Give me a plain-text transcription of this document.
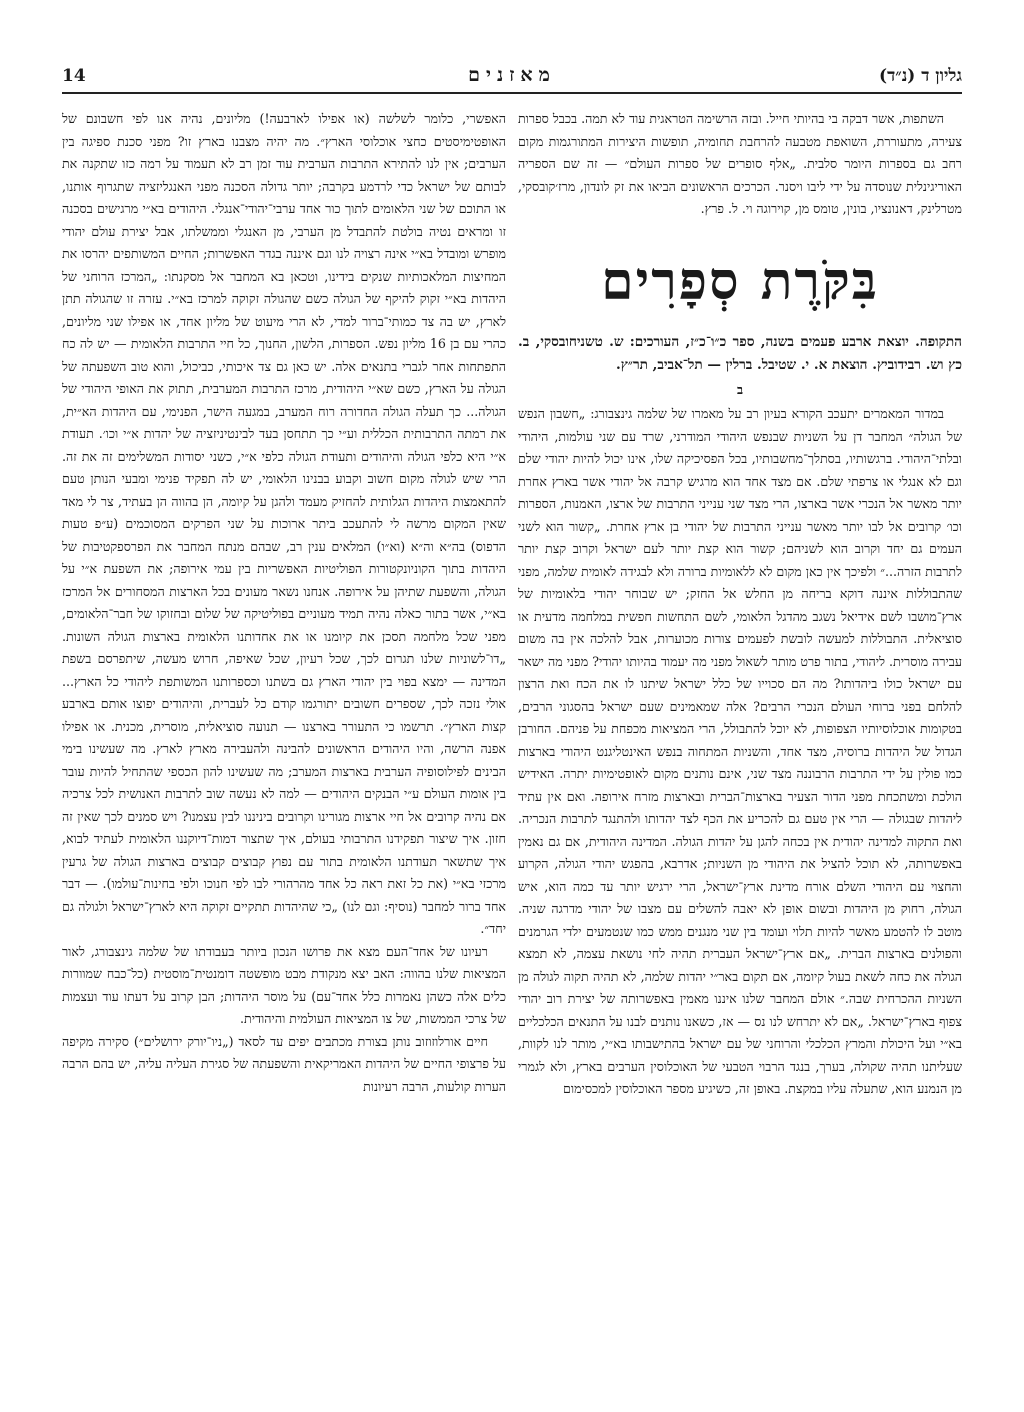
14	מאזנים	גליון ד (נ״ד)

השתפות, אשר דבקה בי בהיותי חייל. ובזה הרשימה הטראגית עוד לא תמה. בכבל ספרות צעירה, מתעוררת, השואפת מטבעה להרחבת תחומיה, תופשות היצירות המתורגמות מקום רחב גם בספרות היומר סלבית. „אלף סופרים של ספרות העולם״ — זה שם הספריה האוריגינלית שנוסדה על ידי ליבו ויסנר. הכרכים הראשונים הביאו את זק לונדון, מרז׳קובסקי, מטרלינק, דאנונציו, בונין, טומס מן, קוירוגה וי. ל. פרץ.

בִּקֹּרֶת סְפָרִים

התקופה. יוצאת ארבע פעמים בשנה, ספר כ״ו־כ״ז, העורכים: ש. טשניחובסקי, ב. כץ וש. רבידוביץ. הוצאת א. י. שטיבל. ברלין — תל־אביב, תר״ץ.

ב

במדור המאמרים יתעכב הקורא בעיון רב על מאמרו של שלמה גינצבורג: „חשבון הנפש של הגולה״ המחבר דן על השניות שבנפש היהודי המודרני, שרד עם שני עולמות, היהודי ובלתי־היהודי. ברגשותיו, בסתלך־מחשבותיו, בכל הפסיכיקה שלו, אינו יכול להיות יהודי שלם וגם לא אנגלי או צרפתי שלם. אם מצד אחד הוא מרגיש קרבה אל יהודי אשר בארץ אחרת יותר מאשר אל הנכרי אשר בארצו, הרי מצד שני ענייני התרבות של ארצו, האמנות, הספרות וכו׳ קרובים אל לבו יותר מאשר ענייני התרבות של יהודי בן ארץ אחרת. „קשור הוא לשני העמים גם יחד וקרוב הוא לשניהם; קשור הוא קצת יותר לעם ישראל וקרוב קצת יותר לתרבות הזרה...״ ולפיכך אין כאן מקום לא ללאומיות ברורה ולא לבגידה לאומית שלמה, מפני שהתבוללות איננה דוקא בריחה מן החלש אל החזק; יש שבוחר יהודי בלאומיות של ארץ־מושבו לשם אידיאל נשגב מהדגל הלאומי, לשם התחשות חפשית במלחמה מדעית או סוציאלית. התבוללות למעשה לובשת לפעמים צורות מכוערות, אבל להלכה אין בה משום עבירה מוסרית. ליהודי, בתור פרט מותר לשאול מפני מה יעמוד בהיותו יהודי? מפני מה ישאר עם ישראל כולו ביהדותו? מה הם סכוייו של כלל ישראל שיתנו לו את הכח ואת הרצון להלחם בפני ברוחי העולם הנכרי הרבים? אלה שמאמינים שעם ישראל בהסגוני הרבים, בטקומות אוכלוסיותיו הצפופות, לא יוכל להתבולל, הרי המציאות מכפחת על פניהם. החורבן הגדול של היהדות ברוסיה, מצד אחד, והשניות המתחוה בנפש האינטליגנט היהודי בארצות כמו פולין על ידי התרבות הרבוננה מצד שני, אינם נותנים מקום לאופטימיות יתרה. האידיש הולכת ומשתכחת מפני הדור הצעיר בארצות־הברית ובארצות מזרח אירופה. ואם אין עתיד ליהדות שבגולה — הרי אין טעם גם להכריע את הכף לצד יהדותו ולהתנגד לתרבות הנכריה. ואת התקוה למדינה יהודית אין בכחה להגן על יהדות הגולה. המדינה היהודית, אם גם נאמין באפשרותה, לא תוכל להציל את היהודי מן השניות; אדרבא, בהפגש יהודי הגולה, הקרוע והחצוי עם היהודי השלם אורח מדינת ארץ־ישראל, הרי ירגיש יותר עד כמה הוא, איש הגולה, רחוק מן היהדות ובשום אופן לא יאבה להשלים עם מצבו של יהודי מדרגה שניה. מוטב לו להטמע מאשר להיות תלוי ועומד בין שני מנגנים ממש כמו שנטמעים ילדי הגרמנים והפולנים בארצות הברית. „אם ארץ־ישראל העברית תהיה לחי נושאת עצמה, לא תמצא הגולה את כחה לשאת בעול קיומה, אם תקום באר״י יהדות שלמה, לא תהיה תקוה לגולה מן השניות ההכרחית שבה.״ אולם המחבר שלנו איננו מאמין באפשרותה של יצירת רוב יהודי צפוף בארץ־ישראל. „אם לא יתרחש לנו נס — אז, כשאנו נותנים לבנו על התנאים הכלכליים בא״י ועל היכולת והמרץ הכלכלי והרוחני של עם ישראל בהתישבותו בא״י, מותר לנו לקוות, שעליתנו תהיה שקולה, בערך, בנגד הרבוי הטבעי של האוכלוסין הערבים בארץ, ולא לגמרי מן הנמנע הוא, שתעלה עליו במקצת. באופן זה, כשיגיע מספר האוכלוסין למכסימום

האפשרי, כלומר לשלשה (או אפילו לארבעה!) מליונים, נהיה אנו לפי חשבונם של האופטימיסטים כחצי אוכלוסי הארץ״. מה יהיה מצבנו בארץ זו? מפני סכנת ספיגה בין הערבים; אין לנו להתירא התרבות הערבית עוד זמן רב לא תעמוד על רמה כזו שתקנה את לבותם של ישראל כדי לרדמע בקרבה; יותר גדולה הסכנה מפני האנגליזציה שתגרוף אותנו, או התוכם של שני הלאומים לתוך כור אחד ערבי־יהודי־אנגלי. היהודים בא״י מרגישים בסכנה זו ומראים נטיה בולטת להתבדל מן הערבי, מן האנגלי וממשלתו, אבל יצירת עולם יהודי מופרש ומובדל בא״י אינה רצויה לנו וגם איננה בגדר האפשרות; החיים המשותפים יהרסו את המחיצות המלאכותיות שנקים בידינו, וטכאן בא המחבר אל מסקנתו: „המרכז הרוחני של היהדות בא״י זקוק להיקף של הגולה כשם שהגולה זקוקה למרכז בא״י. עזרה זו שהגולה תתן לארץ, יש בה צד כמותי־ברור למדי, לא הרי מיעוט של מליון אחד, או אפילו שני מליונים, כהרי עם בן 16 מליון נפש. הספרות, הלשון, החנוך, כל חיי התרבות הלאומית — יש לה כח התפתחות אחר לגברי בתנאים אלה. יש כאן גם צד איכותי, כביכול, והוא טוב השפעתה של הגולה על הארץ, כשם שא״י היהודית, מרכז התרבות המערבית, תתוק את האופי היהודי של הגולה... כך תעלה הגולה החדורה רוח המערב, במגעה הישר, הפנימי, עם היהדות הא״ית, את רמתה התרבותית הכללית וע״י כך תתחסן בעד לבינטיניזציה של יהדות א״י וכו׳. תעודת א״י היא כלפי הגולה והיהודים ותעודת הגולה כלפי א״י, כשני יסודות המשלימים זה את זה. הרי שיש לגולה מקום חשוב וקבוע בבנינו הלאומי, יש לה תפקיד פנימי ומבעי הנותן טעם להתאמצות היהדות הגלותית להחזיק מעמד ולהגן על קיומה, הן בהווה הן בעתיד, צר לי מאד שאין המקום מרשה לי להתעכב ביתר ארוכות על שני הפרקים המסוכמים (ע״פ טעות הדפוס) בה״א וה״א (וא״ו) המלאים ענין רב, שבהם מנתח המחבר את הפרספקטיבות של היהדות בתוך הקוניונקטורות הפוליטיות האפשריות בין עמי אירופה; את השפעת א״י על הגולה, והשפעת שתיהן על אירופה. אנחנו נשאר מעונים בכל הארצות המסחורים אל המרכז בא״י, אשר בתור כאלה נהיה תמיד מעוניים בפוליטיקה של שלום ובחזוקו של חבר־הלאומים, מפני שכל מלחמה תסכן את קיומנו או את אחדותנו הלאומית בארצות הגולה השונות. „דו־לשוניות שלנו תגרום לכך, שכל רעיון, שכל שאיפה, חרוש מעשה, שיתפרסם בשפת המדינה — ימצא בפוי בין יהודי הארץ גם בשתנו וכספרותנו המשותפת ליהודי כל הארץ... אולי נזכה לכך, שספרים חשובים יתורגמו קודם כל לעברית, והיהודים יפוצו אותם בארבע קצות הארץ״. תרשמו כי התעורר בארצנו — תנועה סוציאלית, מוסרית, מכנית. או אפילו אפנה הרשה, והיו היהודים הראשונים להבינה ולהעבירה מארץ לארץ. מה שעשינו בימי הבינים לפילוסופיה הערבית בארצות המערב; מה שעשינו להון הכספי שהתחיל להיות עובר בין אומות העולם ע״י הבנקים היהודים — למה לא נעשה שוב לתרבות האנושית לכל צרכיה אם נהיה קרובים אל חיי ארצות מגורינו וקרובים ביניננו לבין עצמנו? ויש סמנים לכך שאין זה חזון. איך שיצור תפקידנו התרבותי בעולם, איך שתצור דמות־דיוקננו הלאומית לעתיד לבוא, איך שתשאר תעודתנו הלאומית בתור עם נפוץ קבוצים קבוצים בארצות הגולה של גרעין מרכזי בא״י (את כל זאת ראה כל אחד מהרהורי לבו לפי חנוכו ולפי בחינות־עולמו). — דבר אחד ברור למחבר (נוסיף: וגם לנו) „כי שהיהדות תתקיים זקוקה היא לארץ־ישראל ולגולה גם יחד״.

רעיונו של אחד־העם מצא את פרושו הנכון ביותר בעבודתו של שלמה גינצבורג, לאור המציאות שלנו בהווה: האב יצא מנקודת מבט מופשטה דומנטית־מוסטית (כל־כבח שמוורות כלים אלה כשהן נאמרות כלל אחד־עם) על מוסר היהדות; הבן קרוב על דעתו עוד ועצמות של צרכי הממשות, של צו המציאות העולמית והיהודית.

חיים אורלוזוזוב נותן בצורת מכתבים יפים עד לסאד („ניו־יורק ירושלים״) סקירה מקיפה על פרצופי החיים של היהדות האמריקאית והשפעתה של סגירת העליה עליה, יש בהם הרבה הערות קולעות, הרבה רעיונות
